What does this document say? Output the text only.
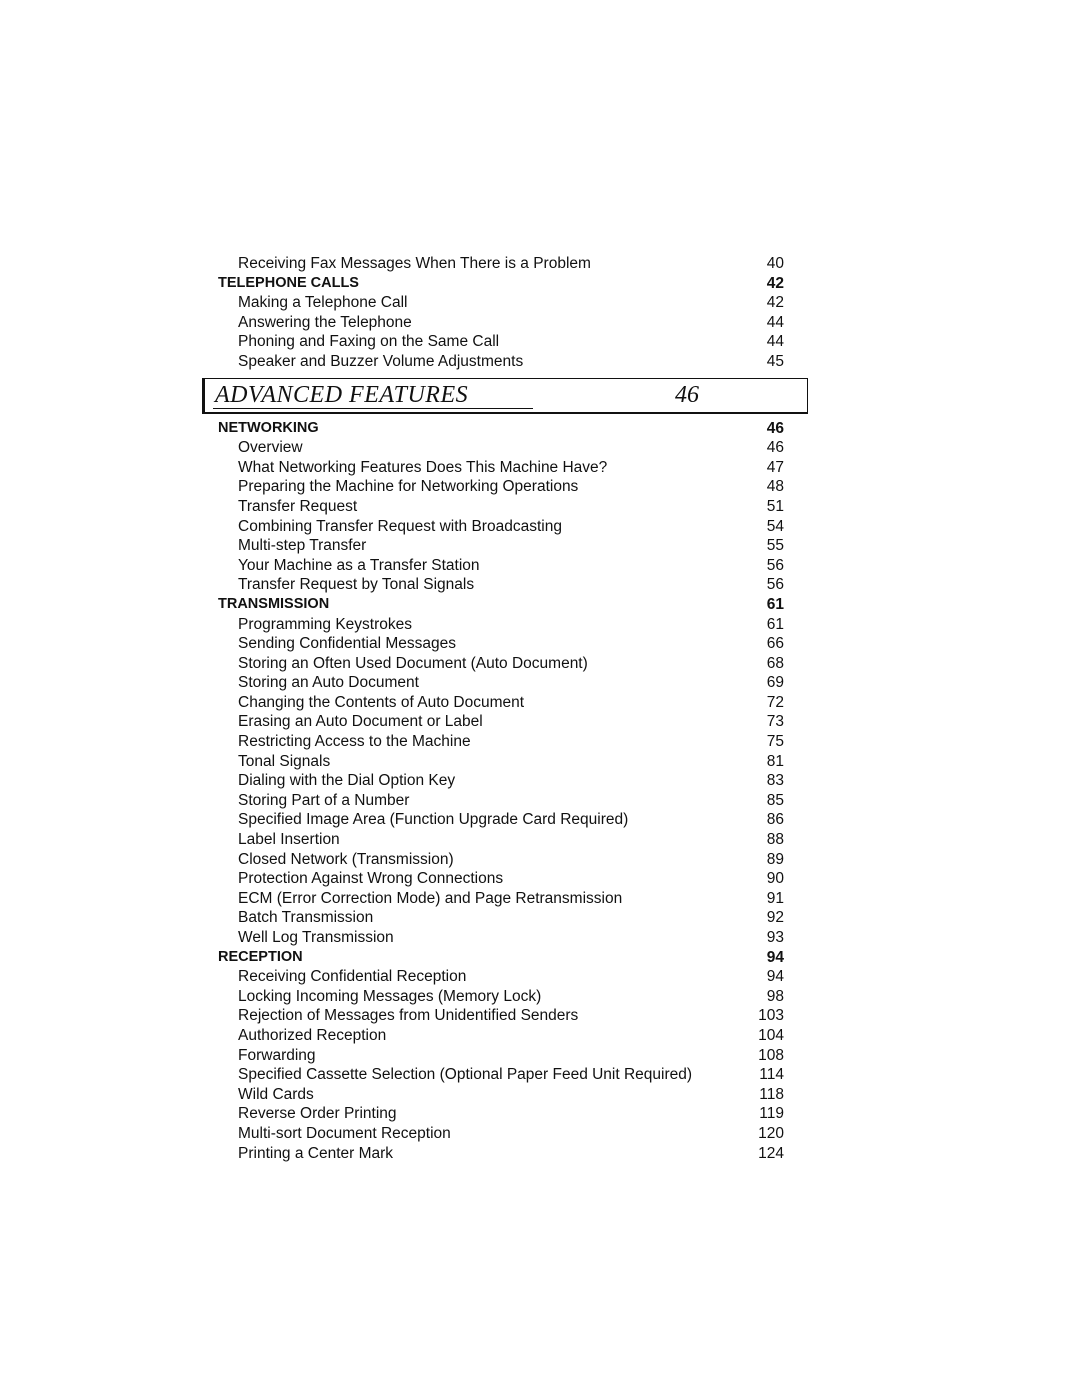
Receiving Fax Messages When There is a Problem	40
TELEPHONE CALLS	42
Making a Telephone Call	42
Answering the Telephone	44
Phoning and Faxing on the Same Call	44
Speaker and Buzzer Volume Adjustments	45
ADVANCED FEATURES	46
NETWORKING	46
Overview	46
What Networking Features Does This Machine Have?	47
Preparing the Machine for Networking Operations	48
Transfer Request	51
Combining Transfer Request with Broadcasting	54
Multi-step Transfer	55
Your Machine as a Transfer Station	56
Transfer Request by Tonal Signals	56
TRANSMISSION	61
Programming Keystrokes	61
Sending Confidential Messages	66
Storing an Often Used Document (Auto Document)	68
Storing an Auto Document	69
Changing the Contents of Auto Document	72
Erasing an Auto Document or Label	73
Restricting Access to the Machine	75
Tonal Signals	81
Dialing with the Dial Option Key	83
Storing Part of a Number	85
Specified Image Area (Function Upgrade Card Required)	86
Label Insertion	88
Closed Network (Transmission)	89
Protection Against Wrong Connections	90
ECM (Error Correction Mode) and Page Retransmission	91
Batch Transmission	92
Well Log Transmission	93
RECEPTION	94
Receiving Confidential Reception	94
Locking Incoming Messages (Memory Lock)	98
Rejection of Messages from Unidentified Senders	103
Authorized Reception	104
Forwarding	108
Specified Cassette Selection (Optional Paper Feed Unit Required)	114
Wild Cards	118
Reverse Order Printing	119
Multi-sort Document Reception	120
Printing a Center Mark	124
